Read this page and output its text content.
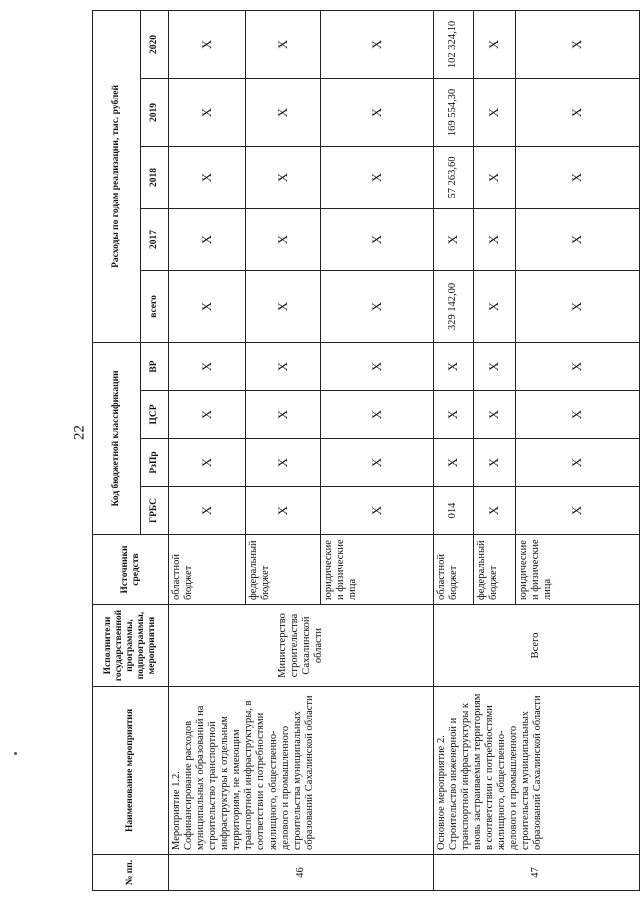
22
№ пп.	Наименование мероприятия	Исполнители государственной программы, подпрограммы, мероприятия	Источники средств	Код бюджетной классификации				Расходы по годам реализации, тыс. рублей				
				ГРБС	РзПр	ЦСР	ВР	всего	2017	2018	2019	2020
46	Мероприятие 1.2. Софинансирование расходов муниципальных образований на строительство транспортной инфраструктуры к отдельным территориям, не имеющим транспортной инфраструктуры, в соответствии с потребностями жилищного, общественно-делового и промышленного строительства муниципальных образований Сахалинской области	Министерство строительства Сахалинской области	областной бюджет	X	X	X	X	X	X	X	X	X
			федеральный бюджет	X	X	X	X	X	X	X	X	X
			юридические и физические лица	X	X	X	X	X	X	X	X	X
47	Основное мероприятие 2. Строительство инженерной и транспортной инфраструктуры к вновь застраиваемым территориям в соответствии с потребностями жилищного, общественно-делового и промышленного строительства муниципальных образований Сахалинской области	Всего	областной бюджет	014	X	X	X	329 142,00	X	57 263,60	169 554,30	102 324,10
			федеральный бюджет	X	X	X	X	X	X	X	X	X
			юридические и физические лица	X	X	X	X	X	X	X	X	X
